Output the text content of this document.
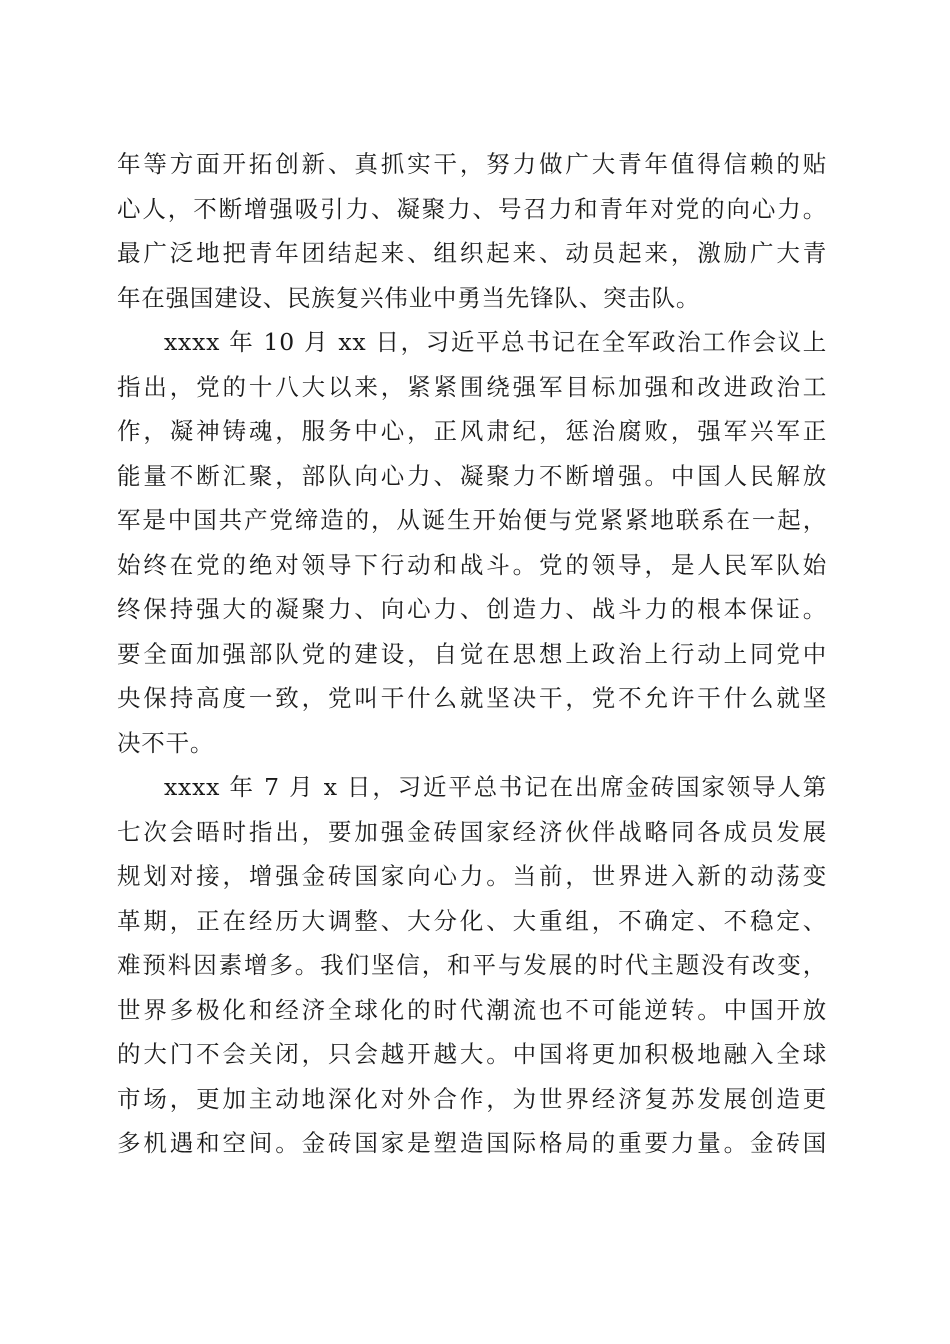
年等方面开拓创新、真抓实干，努力做广大青年值得信赖的贴
心人，不断增强吸引力、凝聚力、号召力和青年对党的向心力。
最广泛地把青年团结起来、组织起来、动员起来，激励广大青
年在强国建设、民族复兴伟业中勇当先锋队、突击队。
xxxx 年 10 月 xx 日，习近平总书记在全军政治工作会议上
指出，党的十八大以来，紧紧围绕强军目标加强和改进政治工
作，凝神铸魂，服务中心，正风肃纪，惩治腐败，强军兴军正
能量不断汇聚，部队向心力、凝聚力不断增强。中国人民解放
军是中国共产党缔造的，从诞生开始便与党紧紧地联系在一起，
始终在党的绝对领导下行动和战斗。党的领导，是人民军队始
终保持强大的凝聚力、向心力、创造力、战斗力的根本保证。
要全面加强部队党的建设，自觉在思想上政治上行动上同党中
央保持高度一致，党叫干什么就坚决干，党不允许干什么就坚
决不干。
xxxx 年 7 月 x 日，习近平总书记在出席金砖国家领导人第
七次会晤时指出，要加强金砖国家经济伙伴战略同各成员发展
规划对接，增强金砖国家向心力。当前，世界进入新的动荡变
革期，正在经历大调整、大分化、大重组，不确定、不稳定、
难预料因素增多。我们坚信，和平与发展的时代主题没有改变，
世界多极化和经济全球化的时代潮流也不可能逆转。中国开放
的大门不会关闭，只会越开越大。中国将更加积极地融入全球
市场，更加主动地深化对外合作，为世界经济复苏发展创造更
多机遇和空间。金砖国家是塑造国际格局的重要力量。金砖国
